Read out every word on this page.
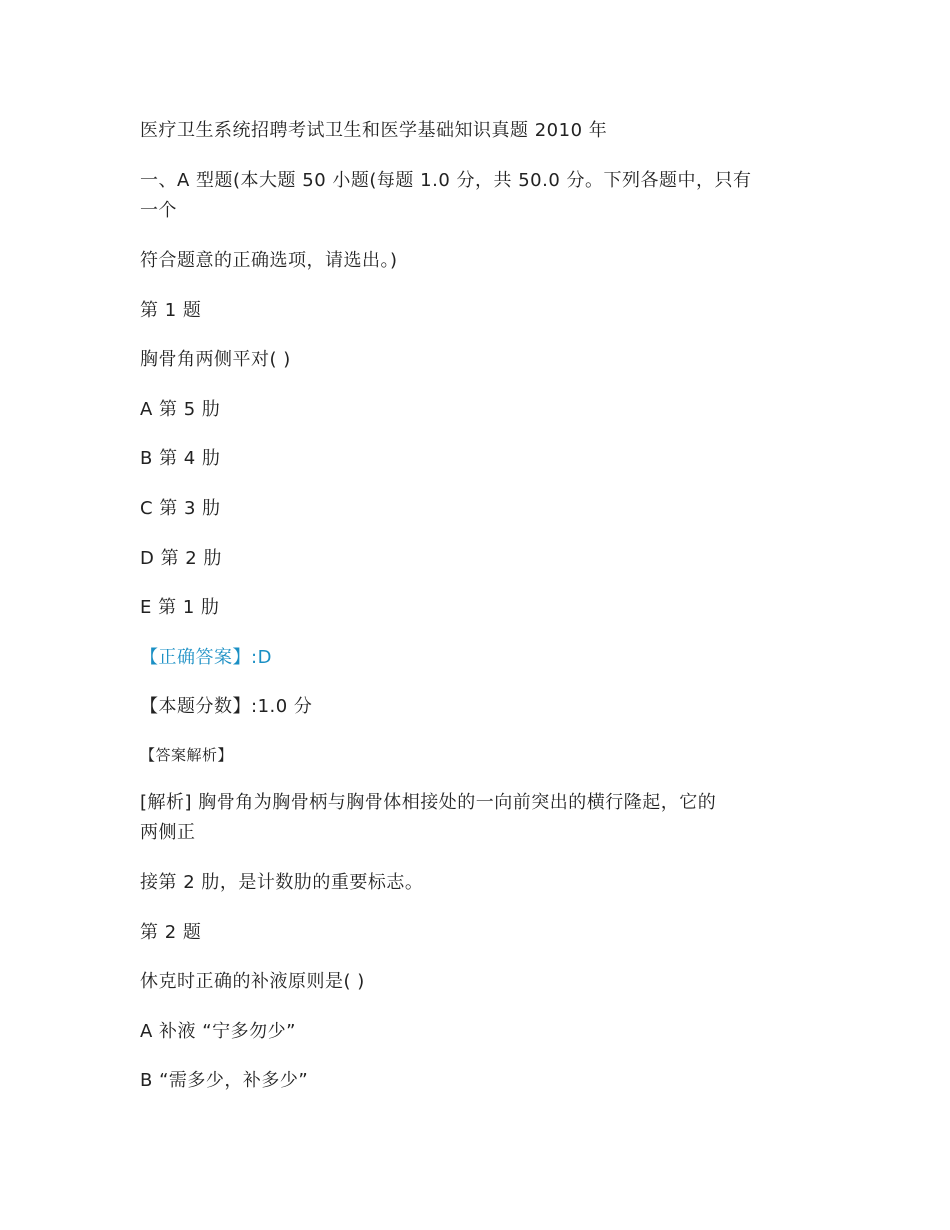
医疗卫生系统招聘考试卫生和医学基础知识真题 2010 年
一、A 型题(本大题 50 小题(每题 1.0 分，共 50.0 分。下列各题中，只有
一个
符合题意的正确选项，请选出。)
第 1 题
胸骨角两侧平对( )
A 第 5 肋
B 第 4 肋
C 第 3 肋
D 第 2 肋
E 第 1 肋
【正确答案】:D
【本题分数】:1.0 分
【答案解析】
[解析] 胸骨角为胸骨柄与胸骨体相接处的一向前突出的横行隆起，它的
两侧正
接第 2 肋，是计数肋的重要标志。
第 2 题
休克时正确的补液原则是( )
A 补液 “宁多勿少”
B “需多少，补多少”
